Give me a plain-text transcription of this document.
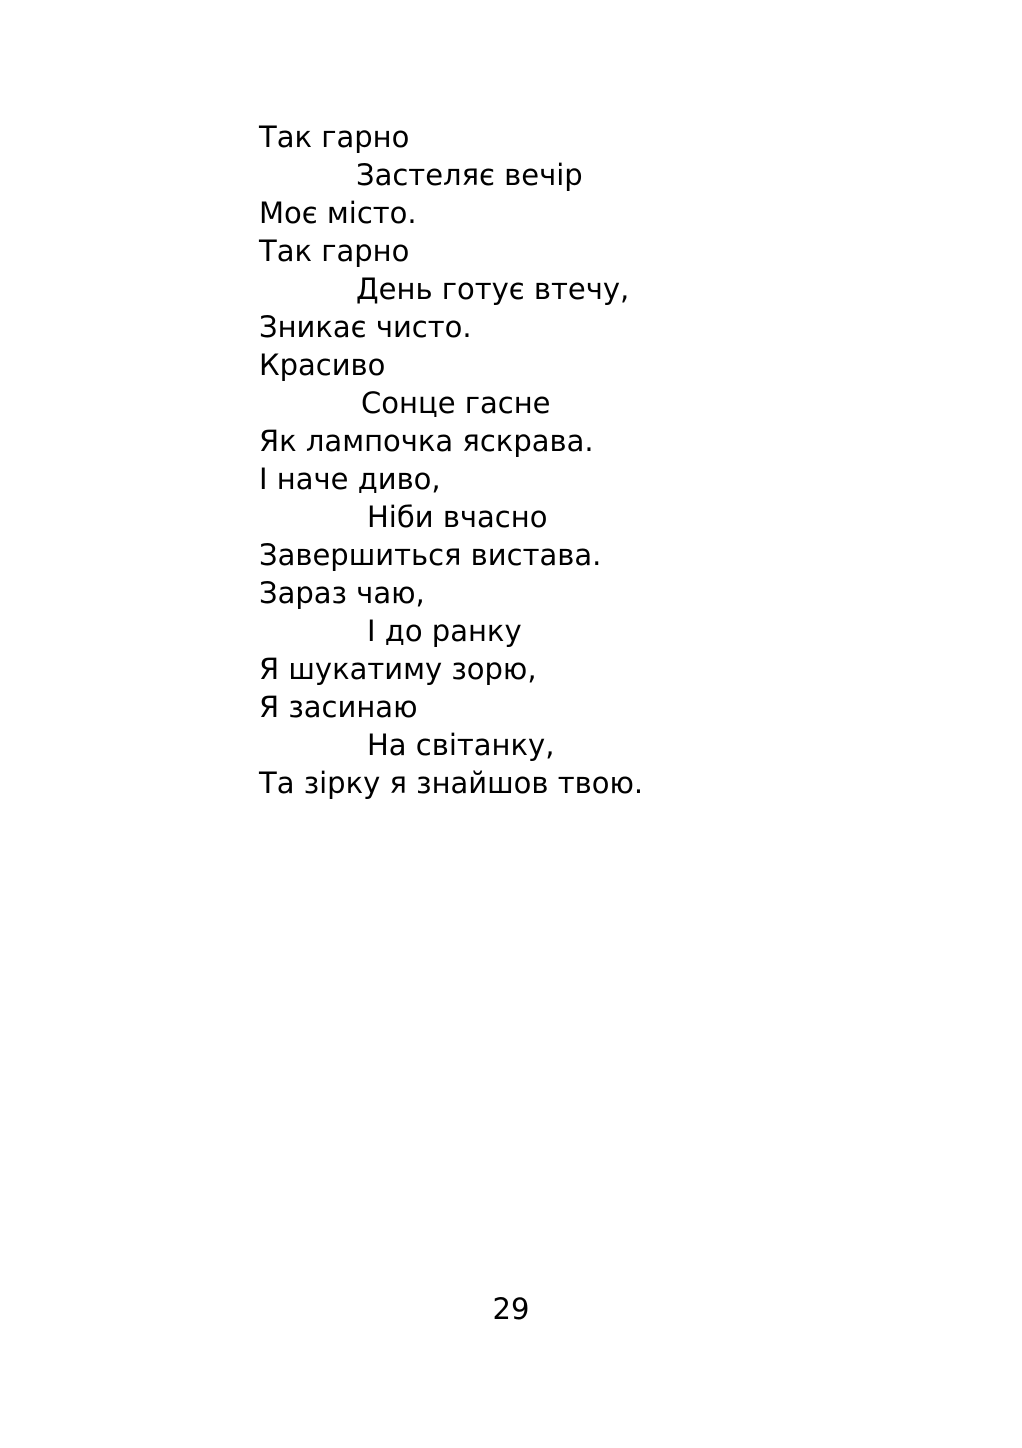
Так гарно
Застеляє вечір
Моє місто.
Так гарно
День готує втечу,
Зникає чисто.
Красиво
Сонце гасне
Як лампочка яскрава.
І наче диво,
Ніби вчасно
Завершиться вистава.
Зараз чаю,
І до ранку
Я шукатиму зорю,
Я засинаю
На світанку,
Та зірку я знайшов твою.
29
